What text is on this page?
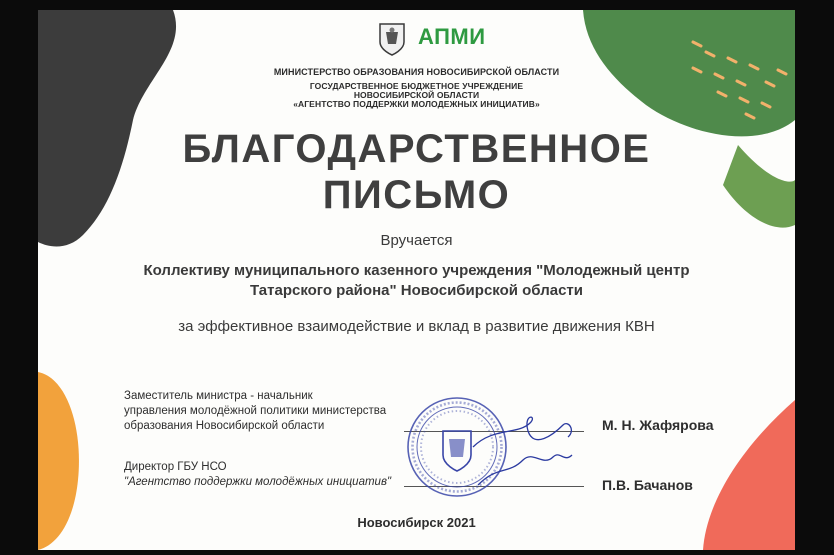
АПМИ
МИНИСТЕРСТВО ОБРАЗОВАНИЯ НОВОСИБИРСКОЙ ОБЛАСТИ
ГОСУДАРСТВЕННОЕ БЮДЖЕТНОЕ УЧРЕЖДЕНИЕ
НОВОСИБИРСКОЙ ОБЛАСТИ
«АГЕНТСТВО ПОДДЕРЖКИ МОЛОДЕЖНЫХ ИНИЦИАТИВ»
БЛАГОДАРСТВЕННОЕ
ПИСЬМО
Вручается
Коллективу муниципального казенного учреждения "Молодежный центр
Татарского района" Новосибирской области
за эффективное взаимодействие и вклад в развитие движения КВН
Заместитель министра - начальник
управления молодёжной политики министерства
образования Новосибирской области	М. Н. Жафярова
Директор ГБУ НСО
"Агентство поддержки молодёжных инициатив"	П.В. Бачанов
Новосибирск 2021
